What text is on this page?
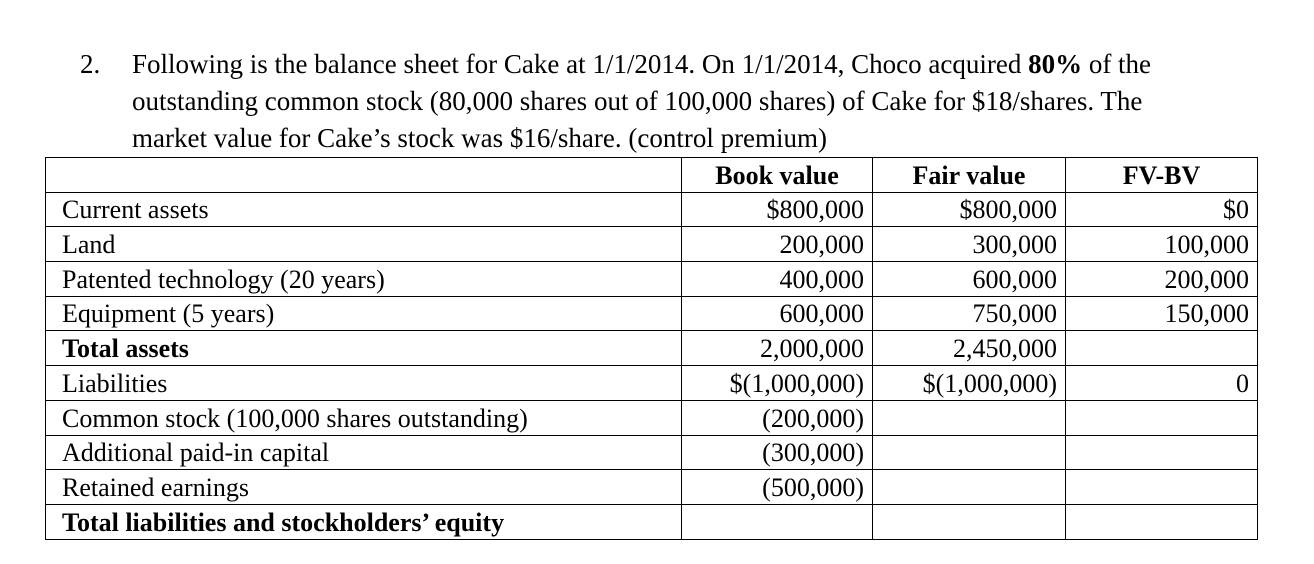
2. Following is the balance sheet for Cake at 1/1/2014. On 1/1/2014, Choco acquired 80% of the
outstanding common stock (80,000 shares out of 100,000 shares) of Cake for $18/shares. The
market value for Cake’s stock was $16/share. (control premium)
	Book value	Fair value	FV-BV
Current assets	$800,000	$800,000	$0
Land	200,000	300,000	100,000
Patented technology (20 years)	400,000	600,000	200,000
Equipment (5 years)	600,000	750,000	150,000
Total assets	2,000,000	2,450,000	
Liabilities	$(1,000,000)	$(1,000,000)	0
Common stock (100,000 shares outstanding)	(200,000)		
Additional paid-in capital	(300,000)		
Retained earnings	(500,000)		
Total liabilities and stockholders’ equity			
